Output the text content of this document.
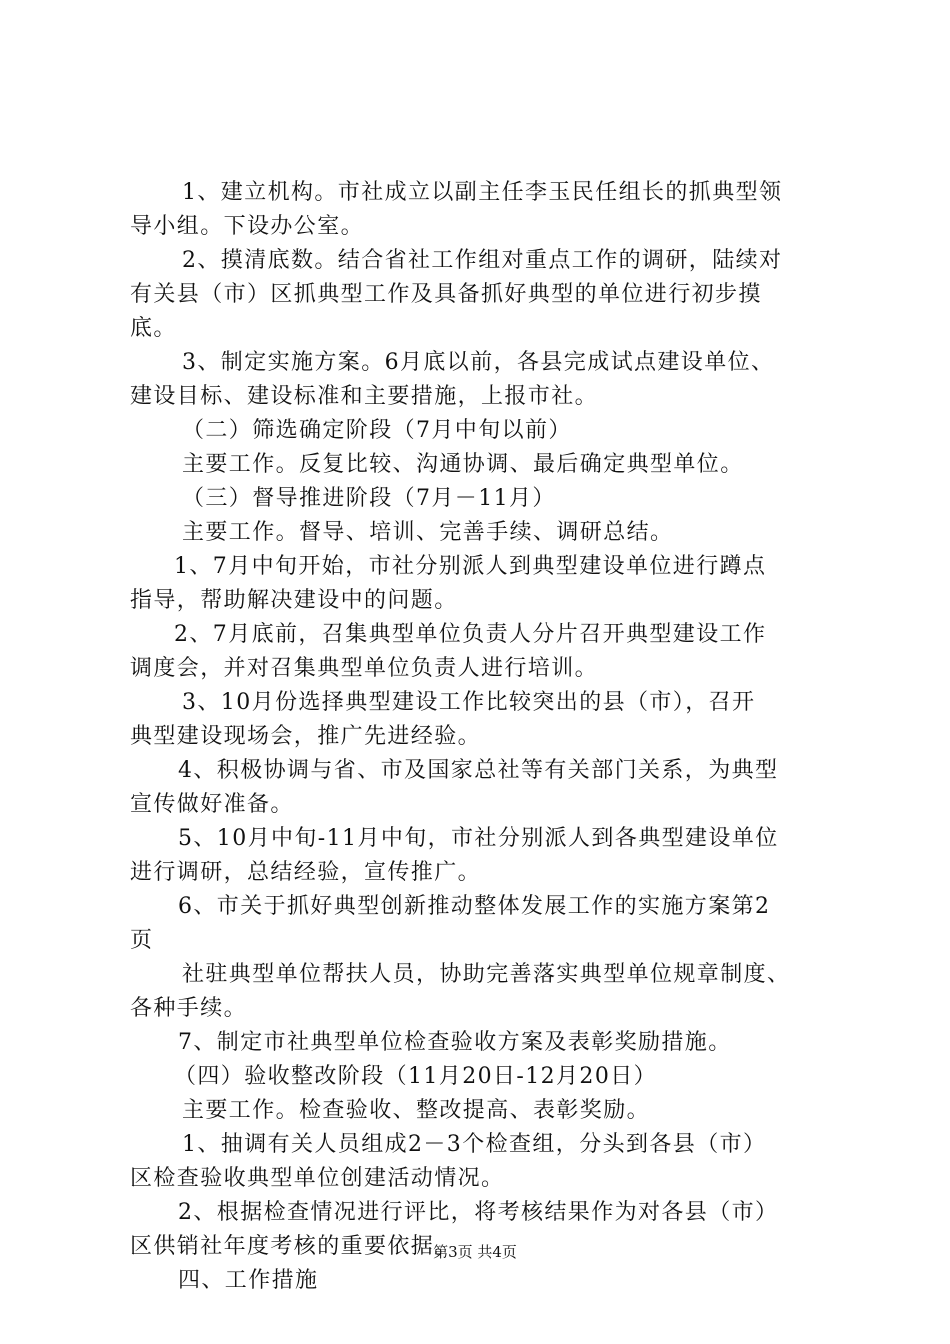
1、建立机构。市社成立以副主任李玉民任组长的抓典型领
导小组。下设办公室。
2、摸清底数。结合省社工作组对重点工作的调研，陆续对
有关县（市）区抓典型工作及具备抓好典型的单位进行初步摸
底。
3、制定实施方案。6月底以前，各县完成试点建设单位、
建设目标、建设标准和主要措施，上报市社。
（二）筛选确定阶段（7月中旬以前）
主要工作。反复比较、沟通协调、最后确定典型单位。
（三）督导推进阶段（7月－11月）
主要工作。督导、培训、完善手续、调研总结。
1、7月中旬开始，市社分别派人到典型建设单位进行蹲点
指导，帮助解决建设中的问题。
2、7月底前，召集典型单位负责人分片召开典型建设工作
调度会，并对召集典型单位负责人进行培训。
3、10月份选择典型建设工作比较突出的县（市），召开
典型建设现场会，推广先进经验。
4、积极协调与省、市及国家总社等有关部门关系，为典型
宣传做好准备。
5、10月中旬-11月中旬，市社分别派人到各典型建设单位
进行调研，总结经验，宣传推广。
6、市关于抓好典型创新推动整体发展工作的实施方案第2
页
社驻典型单位帮扶人员，协助完善落实典型单位规章制度、
各种手续。
7、制定市社典型单位检查验收方案及表彰奖励措施。
（四）验收整改阶段（11月20日-12月20日）
主要工作。检查验收、整改提高、表彰奖励。
1、抽调有关人员组成2－3个检查组，分头到各县（市）
区检查验收典型单位创建活动情况。
2、根据检查情况进行评比，将考核结果作为对各县（市）
区供销社年度考核的重要依据。
四、工作措施
第3页 共4页
